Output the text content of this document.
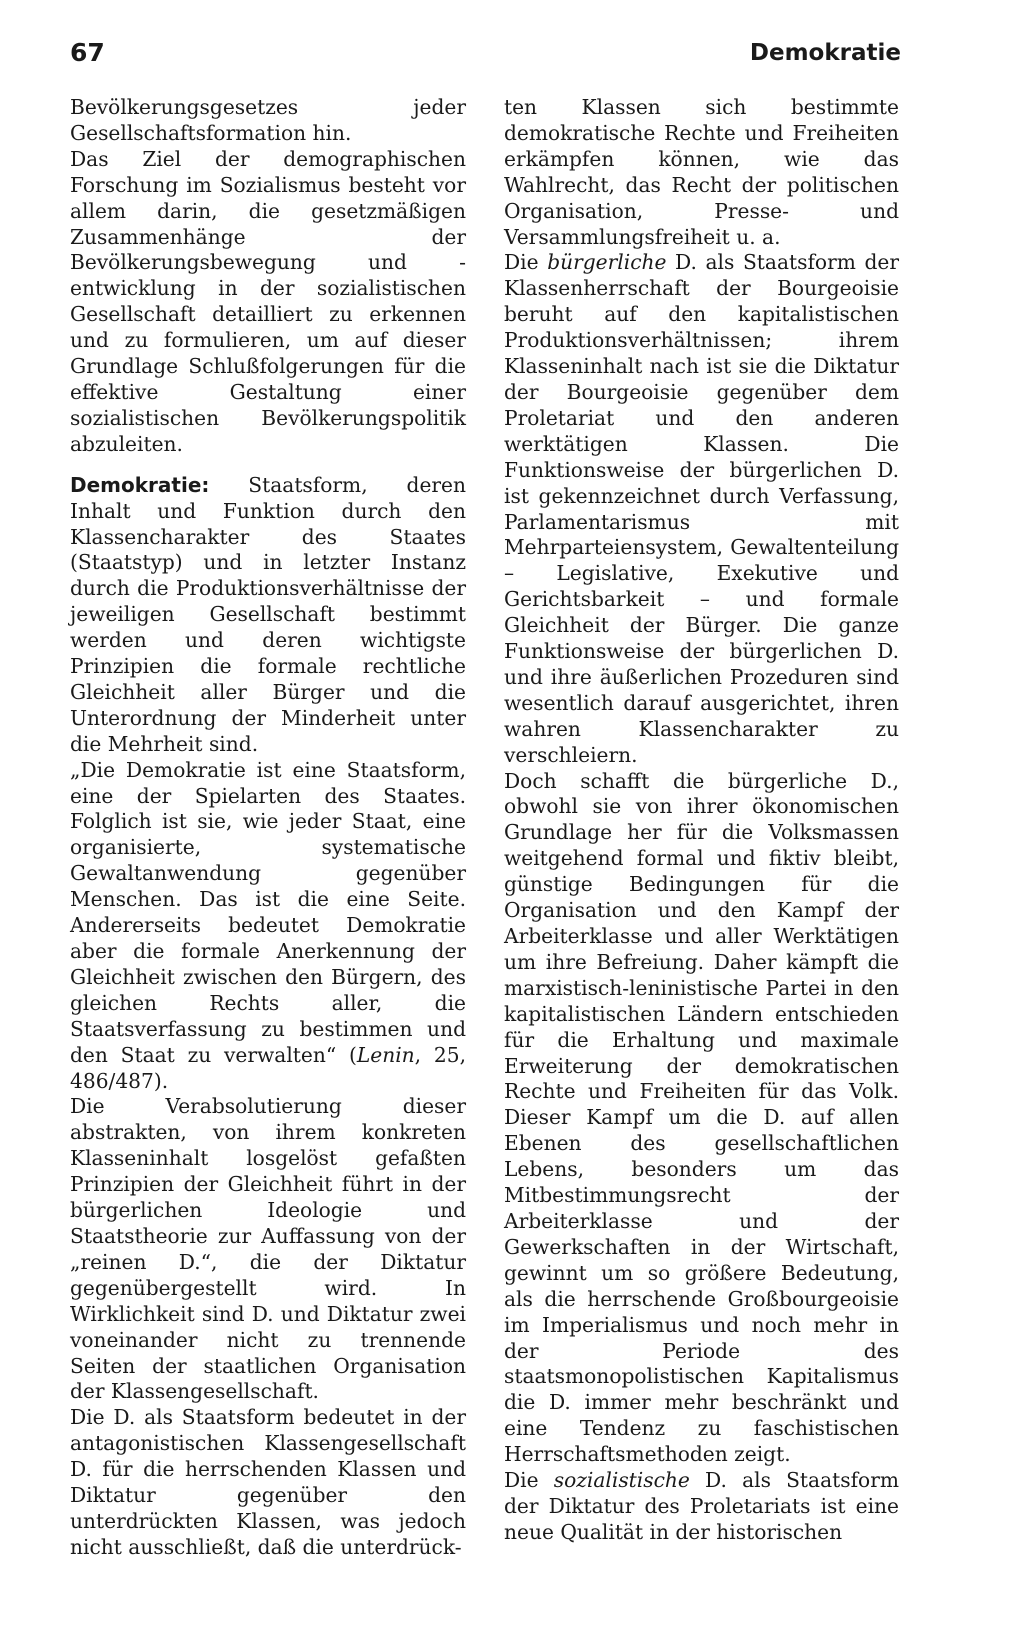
67	Demokratie

Bevölkerungsgesetzes jeder Gesellschaftsformation hin.

Das Ziel der demographischen Forschung im Sozialismus besteht vor allem darin, die gesetzmäßigen Zusammenhänge der Bevölkerungsbewegung und -entwicklung in der sozialistischen Gesellschaft detailliert zu erkennen und zu formulieren, um auf dieser Grundlage Schlußfolgerungen für die effektive Gestaltung einer sozialistischen Bevölkerungspolitik abzuleiten.

Demokratie: Staatsform, deren Inhalt und Funktion durch den Klassencharakter des Staates (Staatstyp) und in letzter Instanz durch die Produktionsverhältnisse der jeweiligen Gesellschaft bestimmt werden und deren wichtigste Prinzipien die formale rechtliche Gleichheit aller Bürger und die Unterordnung der Minderheit unter die Mehrheit sind.

„Die Demokratie ist eine Staatsform, eine der Spielarten des Staates. Folglich ist sie, wie jeder Staat, eine organisierte, systematische Gewaltanwendung gegenüber Menschen. Das ist die eine Seite. Andererseits bedeutet Demokratie aber die formale Anerkennung der Gleichheit zwischen den Bürgern, des gleichen Rechts aller, die Staatsverfassung zu bestimmen und den Staat zu verwalten“ (Lenin, 25, 486/487).

Die Verabsolutierung dieser abstrakten, von ihrem konkreten Klasseninhalt losgelöst gefaßten Prinzipien der Gleichheit führt in der bürgerlichen Ideologie und Staatstheorie zur Auffassung von der „reinen D.“, die der Diktatur gegenübergestellt wird. In Wirklichkeit sind D. und Diktatur zwei voneinander nicht zu trennende Seiten der staatlichen Organisation der Klassengesellschaft.

Die D. als Staatsform bedeutet in der antagonistischen Klassengesellschaft D. für die herrschenden Klassen und Diktatur gegenüber den unterdrückten Klassen, was jedoch nicht ausschließt, daß die unterdrück-

ten Klassen sich bestimmte demokratische Rechte und Freiheiten erkämpfen können, wie das Wahlrecht, das Recht der politischen Organisation, Presse- und Versammlungsfreiheit u. a.

Die bürgerliche D. als Staatsform der Klassenherrschaft der Bourgeoisie beruht auf den kapitalistischen Produktionsverhältnissen; ihrem Klasseninhalt nach ist sie die Diktatur der Bourgeoisie gegenüber dem Proletariat und den anderen werktätigen Klassen. Die Funktionsweise der bürgerlichen D. ist gekennzeichnet durch Verfassung, Parlamentarismus mit Mehrparteiensystem, Gewaltenteilung – Legislative, Exekutive und Gerichtsbarkeit – und formale Gleichheit der Bürger. Die ganze Funktionsweise der bürgerlichen D. und ihre äußerlichen Prozeduren sind wesentlich darauf ausgerichtet, ihren wahren Klassencharakter zu verschleiern.

Doch schafft die bürgerliche D., obwohl sie von ihrer ökonomischen Grundlage her für die Volksmassen weitgehend formal und fiktiv bleibt, günstige Bedingungen für die Organisation und den Kampf der Arbeiterklasse und aller Werktätigen um ihre Befreiung. Daher kämpft die marxistisch-leninistische Partei in den kapitalistischen Ländern entschieden für die Erhaltung und maximale Erweiterung der demokratischen Rechte und Freiheiten für das Volk. Dieser Kampf um die D. auf allen Ebenen des gesellschaftlichen Lebens, besonders um das Mitbestimmungsrecht der Arbeiterklasse und der Gewerkschaften in der Wirtschaft, gewinnt um so größere Bedeutung, als die herrschende Großbourgeoisie im Imperialismus und noch mehr in der Periode des staatsmonopolistischen Kapitalismus die D. immer mehr beschränkt und eine Tendenz zu faschistischen Herrschaftsmethoden zeigt.

Die sozialistische D. als Staatsform der Diktatur des Proletariats ist eine neue Qualität in der historischen
